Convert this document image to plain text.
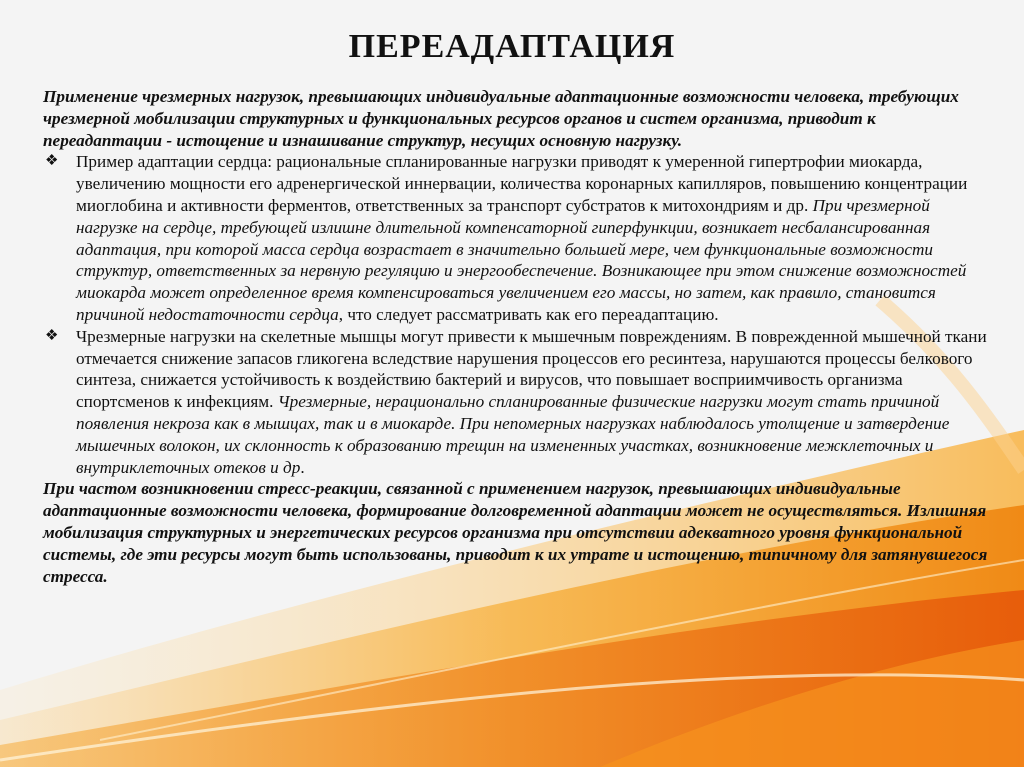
ПЕРЕАДАПТАЦИЯ

Применение чрезмерных нагрузок, превышающих индивидуальные адаптационные возможности человека, требующих чрезмерной мобилизации структурных и функциональных ресурсов органов и систем организма, приводит к переадаптации - истощение и изнашивание структур, несущих основную нагрузку.

❖	Пример адаптации сердца: рациональные спланированные нагрузки приводят к умеренной гипертрофии миокарда, увеличению мощности его адренергической иннервации, количества коронарных капилляров, повышению концентрации миоглобина и активности ферментов, ответственных за транспорт субстратов к митохондриям и др. При чрезмерной нагрузке на сердце, требующей излишне длительной компенсаторной гиперфункции, возникает несбалансированная адаптация, при которой масса сердца возрастает в значительно большей мере, чем функциональные возможности структур, ответственных за нервную регуляцию и энергообеспечение. Возникающее при этом снижение возможностей миокарда может определенное время компенсироваться увеличением его массы, но затем, как правило, становится причиной недостаточности сердца, что следует рассматривать как его переадаптацию.
❖	Чрезмерные нагрузки на скелетные мышцы могут привести к мышечным повреждениям. В поврежденной мышечной ткани отмечается снижение запасов гликогена вследствие нарушения процессов его ресинтеза, нарушаются процессы белкового синтеза, снижается устойчивость к воздействию бактерий и вирусов, что повышает восприимчивость организма спортсменов к инфекциям. Чрезмерные, нерационально спланированные физические нагрузки могут стать причиной появления некроза как в мышцах, так и в миокарде. При непомерных нагрузках наблюдалось утолщение и затвердение мышечных волокон, их склонность к образованию трещин на измененных участках, возникновение межклеточных и внутриклеточных отеков и др.

При частом возникновении стресс-реакции, связанной с применением нагрузок, превышающих индивидуальные адаптационные возможности человека, формирование долговременной адаптации может не осуществляться. Излишняя мобилизация структурных и энергетических ресурсов организма при отсутствии адекватного уровня функциональной системы, где эти ресурсы могут быть использованы, приводит к их утрате и истощению, типичному для затянувшегося стресса.
